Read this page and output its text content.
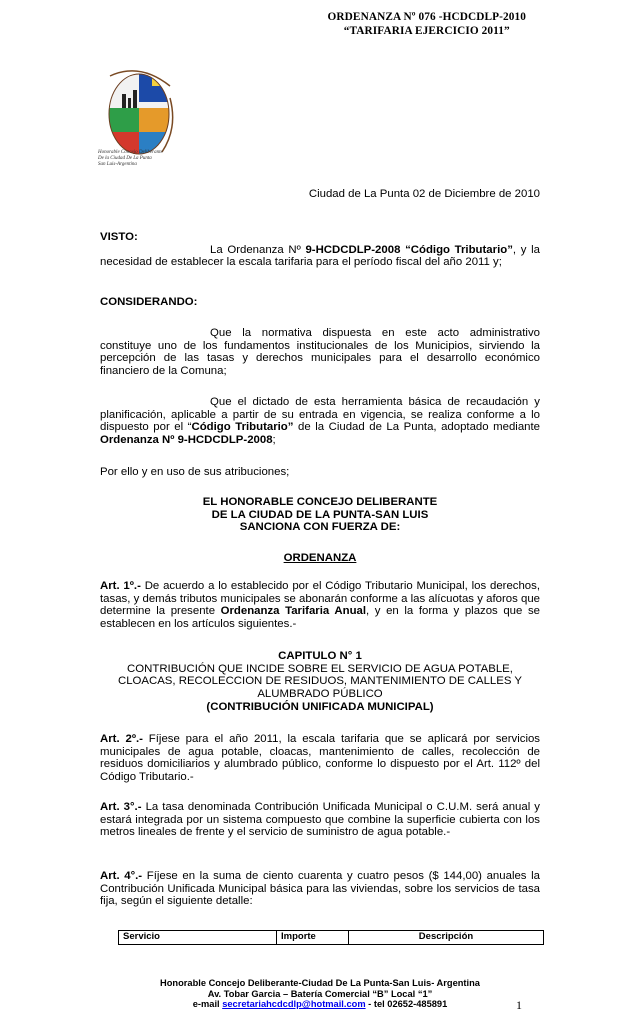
ORDENANZA Nº 076 -HCDCDLP-2010
“TARIFARIA EJERCICIO 2011”
Honorable Concejo Deliberante
De la Ciudad De La Punta
San Luis-Argentina
Ciudad de La Punta 02 de Diciembre de 2010

VISTO:

La Ordenanza Nº 9-HCDCDLP-2008 “Código Tributario”, y la necesidad de establecer la escala tarifaria para el período fiscal del año 2011 y;

CONSIDERANDO:

Que la normativa dispuesta en este acto administrativo constituye uno de los fundamentos institucionales de los Municipios, sirviendo la percepción de las tasas y derechos municipales para el desarrollo económico financiero de la Comuna;
Que el dictado de esta herramienta básica de recaudación y planificación, aplicable a partir de su entrada en vigencia, se realiza conforme a lo dispuesto por el “Código Tributario” de la Ciudad de La Punta, adoptado mediante Ordenanza Nº 9-HCDCDLP-2008;
Por ello y en uso de sus atribuciones;
EL HONORABLE CONCEJO DELIBERANTE
DE LA CIUDAD DE LA PUNTA-SAN LUIS
SANCIONA CON FUERZA DE:
ORDENANZA
Art. 1º.- De acuerdo a lo establecido por el Código Tributario Municipal, los derechos, tasas, y demás tributos municipales se abonarán conforme a las alícuotas y aforos que determine la presente Ordenanza Tarifaria Anual, y en la forma y plazos que se establecen en los artículos siguientes.-
CAPITULO N° 1
CONTRIBUCIÓN QUE INCIDE SOBRE EL SERVICIO DE AGUA POTABLE,
CLOACAS, RECOLECCION DE RESIDUOS, MANTENIMIENTO DE CALLES Y
ALUMBRADO PÚBLICO
(CONTRIBUCIÓN UNIFICADA MUNICIPAL)
Art. 2º.- Fíjese para el año 2011, la escala tarifaria que se aplicará por servicios municipales de agua potable, cloacas, mantenimiento de calles, recolección de residuos domiciliarios y alumbrado público, conforme lo dispuesto por el Art. 112º del Código Tributario.-
Art. 3°.- La tasa denominada Contribución Unificada Municipal o C.U.M. será anual y estará integrada por un sistema compuesto que combine la superficie cubierta con los metros lineales de frente y el servicio de suministro de agua potable.-
Art. 4°.- Fíjese en la suma de ciento cuarenta y cuatro pesos ($ 144,00) anuales la Contribución Unificada Municipal básica para las viviendas, sobre los servicios de tasa fija, según el siguiente detalle:
Servicio	Importe	Descripción
Honorable Concejo Deliberante-Ciudad De La Punta-San Luis- Argentina
Av. Tobar Garcia – Batería Comercial “B” Local “1”
e-mail secretariahcdcdlp@hotmail.com - tel 02652-485891	1
